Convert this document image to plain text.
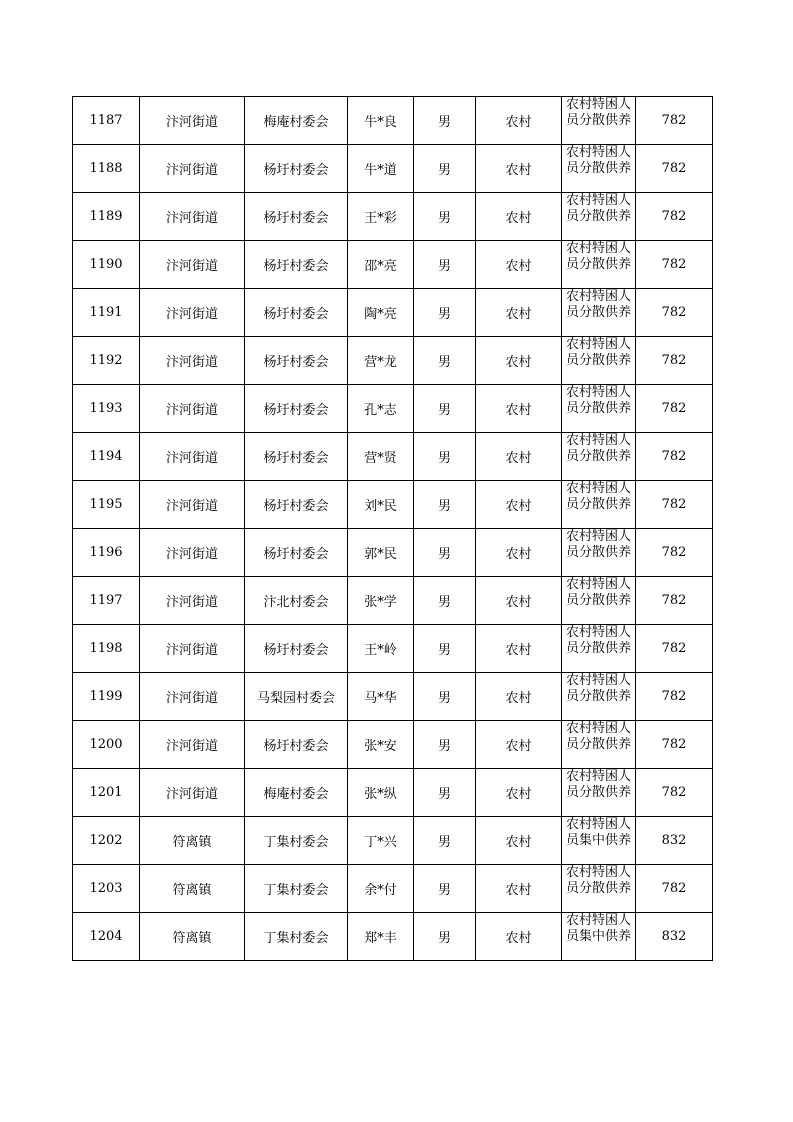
1187	汴河街道	梅庵村委会	牛*良	男	农村	农村特困人员分散供养	782
1188	汴河街道	杨圩村委会	牛*道	男	农村	农村特困人员分散供养	782
1189	汴河街道	杨圩村委会	王*彩	男	农村	农村特困人员分散供养	782
1190	汴河街道	杨圩村委会	邵*亮	男	农村	农村特困人员分散供养	782
1191	汴河街道	杨圩村委会	陶*亮	男	农村	农村特困人员分散供养	782
1192	汴河街道	杨圩村委会	营*龙	男	农村	农村特困人员分散供养	782
1193	汴河街道	杨圩村委会	孔*志	男	农村	农村特困人员分散供养	782
1194	汴河街道	杨圩村委会	营*贤	男	农村	农村特困人员分散供养	782
1195	汴河街道	杨圩村委会	刘*民	男	农村	农村特困人员分散供养	782
1196	汴河街道	杨圩村委会	郭*民	男	农村	农村特困人员分散供养	782
1197	汴河街道	汴北村委会	张*学	男	农村	农村特困人员分散供养	782
1198	汴河街道	杨圩村委会	王*岭	男	农村	农村特困人员分散供养	782
1199	汴河街道	马梨园村委会	马*华	男	农村	农村特困人员分散供养	782
1200	汴河街道	杨圩村委会	张*安	男	农村	农村特困人员分散供养	782
1201	汴河街道	梅庵村委会	张*纵	男	农村	农村特困人员分散供养	782
1202	符离镇	丁集村委会	丁*兴	男	农村	农村特困人员集中供养	832
1203	符离镇	丁集村委会	余*付	男	农村	农村特困人员分散供养	782
1204	符离镇	丁集村委会	郑*丰	男	农村	农村特困人员集中供养	832
